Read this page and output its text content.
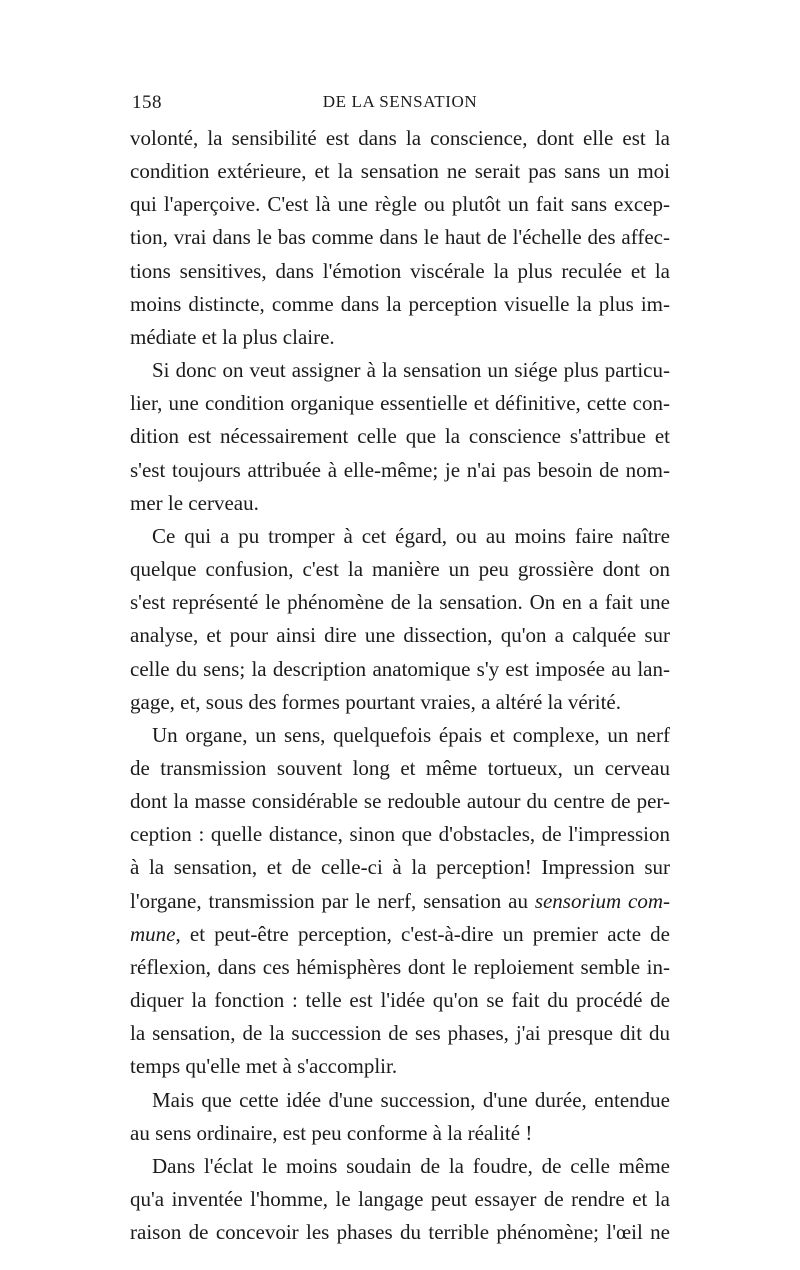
158	DE LA SENSATION
volonté, la sensibilité est dans la conscience, dont elle est la
condition extérieure, et la sensation ne serait pas sans un moi
qui l'aperçoive. C'est là une règle ou plutôt un fait sans excep-
tion, vrai dans le bas comme dans le haut de l'échelle des affec-
tions sensitives, dans l'émotion viscérale la plus reculée et la
moins distincte, comme dans la perception visuelle la plus im-
médiate et la plus claire.
Si donc on veut assigner à la sensation un siége plus particu-
lier, une condition organique essentielle et définitive, cette con-
dition est nécessairement celle que la conscience s'attribue et
s'est toujours attribuée à elle-même; je n'ai pas besoin de nom-
mer le cerveau.
Ce qui a pu tromper à cet égard, ou au moins faire naître
quelque confusion, c'est la manière un peu grossière dont on
s'est représenté le phénomène de la sensation. On en a fait une
analyse, et pour ainsi dire une dissection, qu'on a calquée sur
celle du sens; la description anatomique s'y est imposée au lan-
gage, et, sous des formes pourtant vraies, a altéré la vérité.
Un organe, un sens, quelquefois épais et complexe, un nerf
de transmission souvent long et même tortueux, un cerveau
dont la masse considérable se redouble autour du centre de per-
ception : quelle distance, sinon que d'obstacles, de l'impression
à la sensation, et de celle-ci à la perception! Impression sur
l'organe, transmission par le nerf, sensation au sensorium com-
mune, et peut-être perception, c'est-à-dire un premier acte de
réflexion, dans ces hémisphères dont le reploiement semble in-
diquer la fonction : telle est l'idée qu'on se fait du procédé de
la sensation, de la succession de ses phases, j'ai presque dit du
temps qu'elle met à s'accomplir.
Mais que cette idée d'une succession, d'une durée, entendue
au sens ordinaire, est peu conforme à la réalité !
Dans l'éclat le moins soudain de la foudre, de celle même
qu'a inventée l'homme, le langage peut essayer de rendre et la
raison de concevoir les phases du terrible phénomène; l'œil ne
